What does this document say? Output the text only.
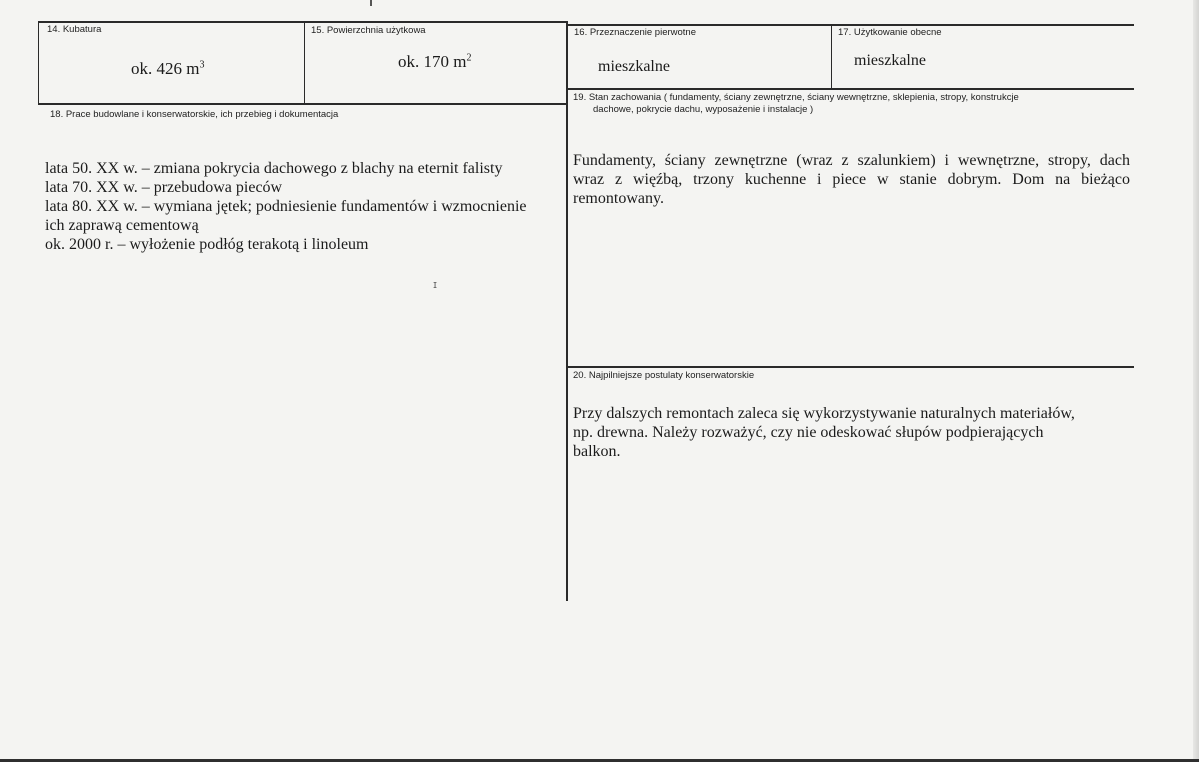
14. Kubatura
ok. 426 $m^3$
15. Powierzchnia użytkowa
ok. 170 $m^2$
16. Przeznaczenie pierwotne
mieszkalne
17. Użytkowanie obecne
mieszkalne
18. Prace budowlane i konserwatorskie, ich przebieg i dokumentacja
lata 50. XX w. – zmiana pokrycia dachowego z blachy na eternit falisty
lata 70. XX w. – przebudowa pieców
lata 80. XX w. – wymiana jętek; podniesienie fundamentów i wzmocnienie
ich zaprawą cementową
ok. 2000 r. – wyłożenie podłóg terakotą i linoleum
ɪ
19. Stan zachowania ( fundamenty, ściany zewnętrzne, ściany wewnętrzne, sklepienia, stropy, konstrukcje
dachowe, pokrycie dachu, wyposażenie i instalacje )
Fundamenty, ściany zewnętrzne (wraz z szalunkiem) i wewnętrzne, stropy, dach
wraz z więźbą, trzony kuchenne i piece w stanie dobrym. Dom na bieżąco
remontowany.
20. Najpilniejsze postulaty konserwatorskie
Przy dalszych remontach zaleca się wykorzystywanie naturalnych materiałów,
np. drewna. Należy rozważyć, czy nie odeskować słupów podpierających
balkon.
